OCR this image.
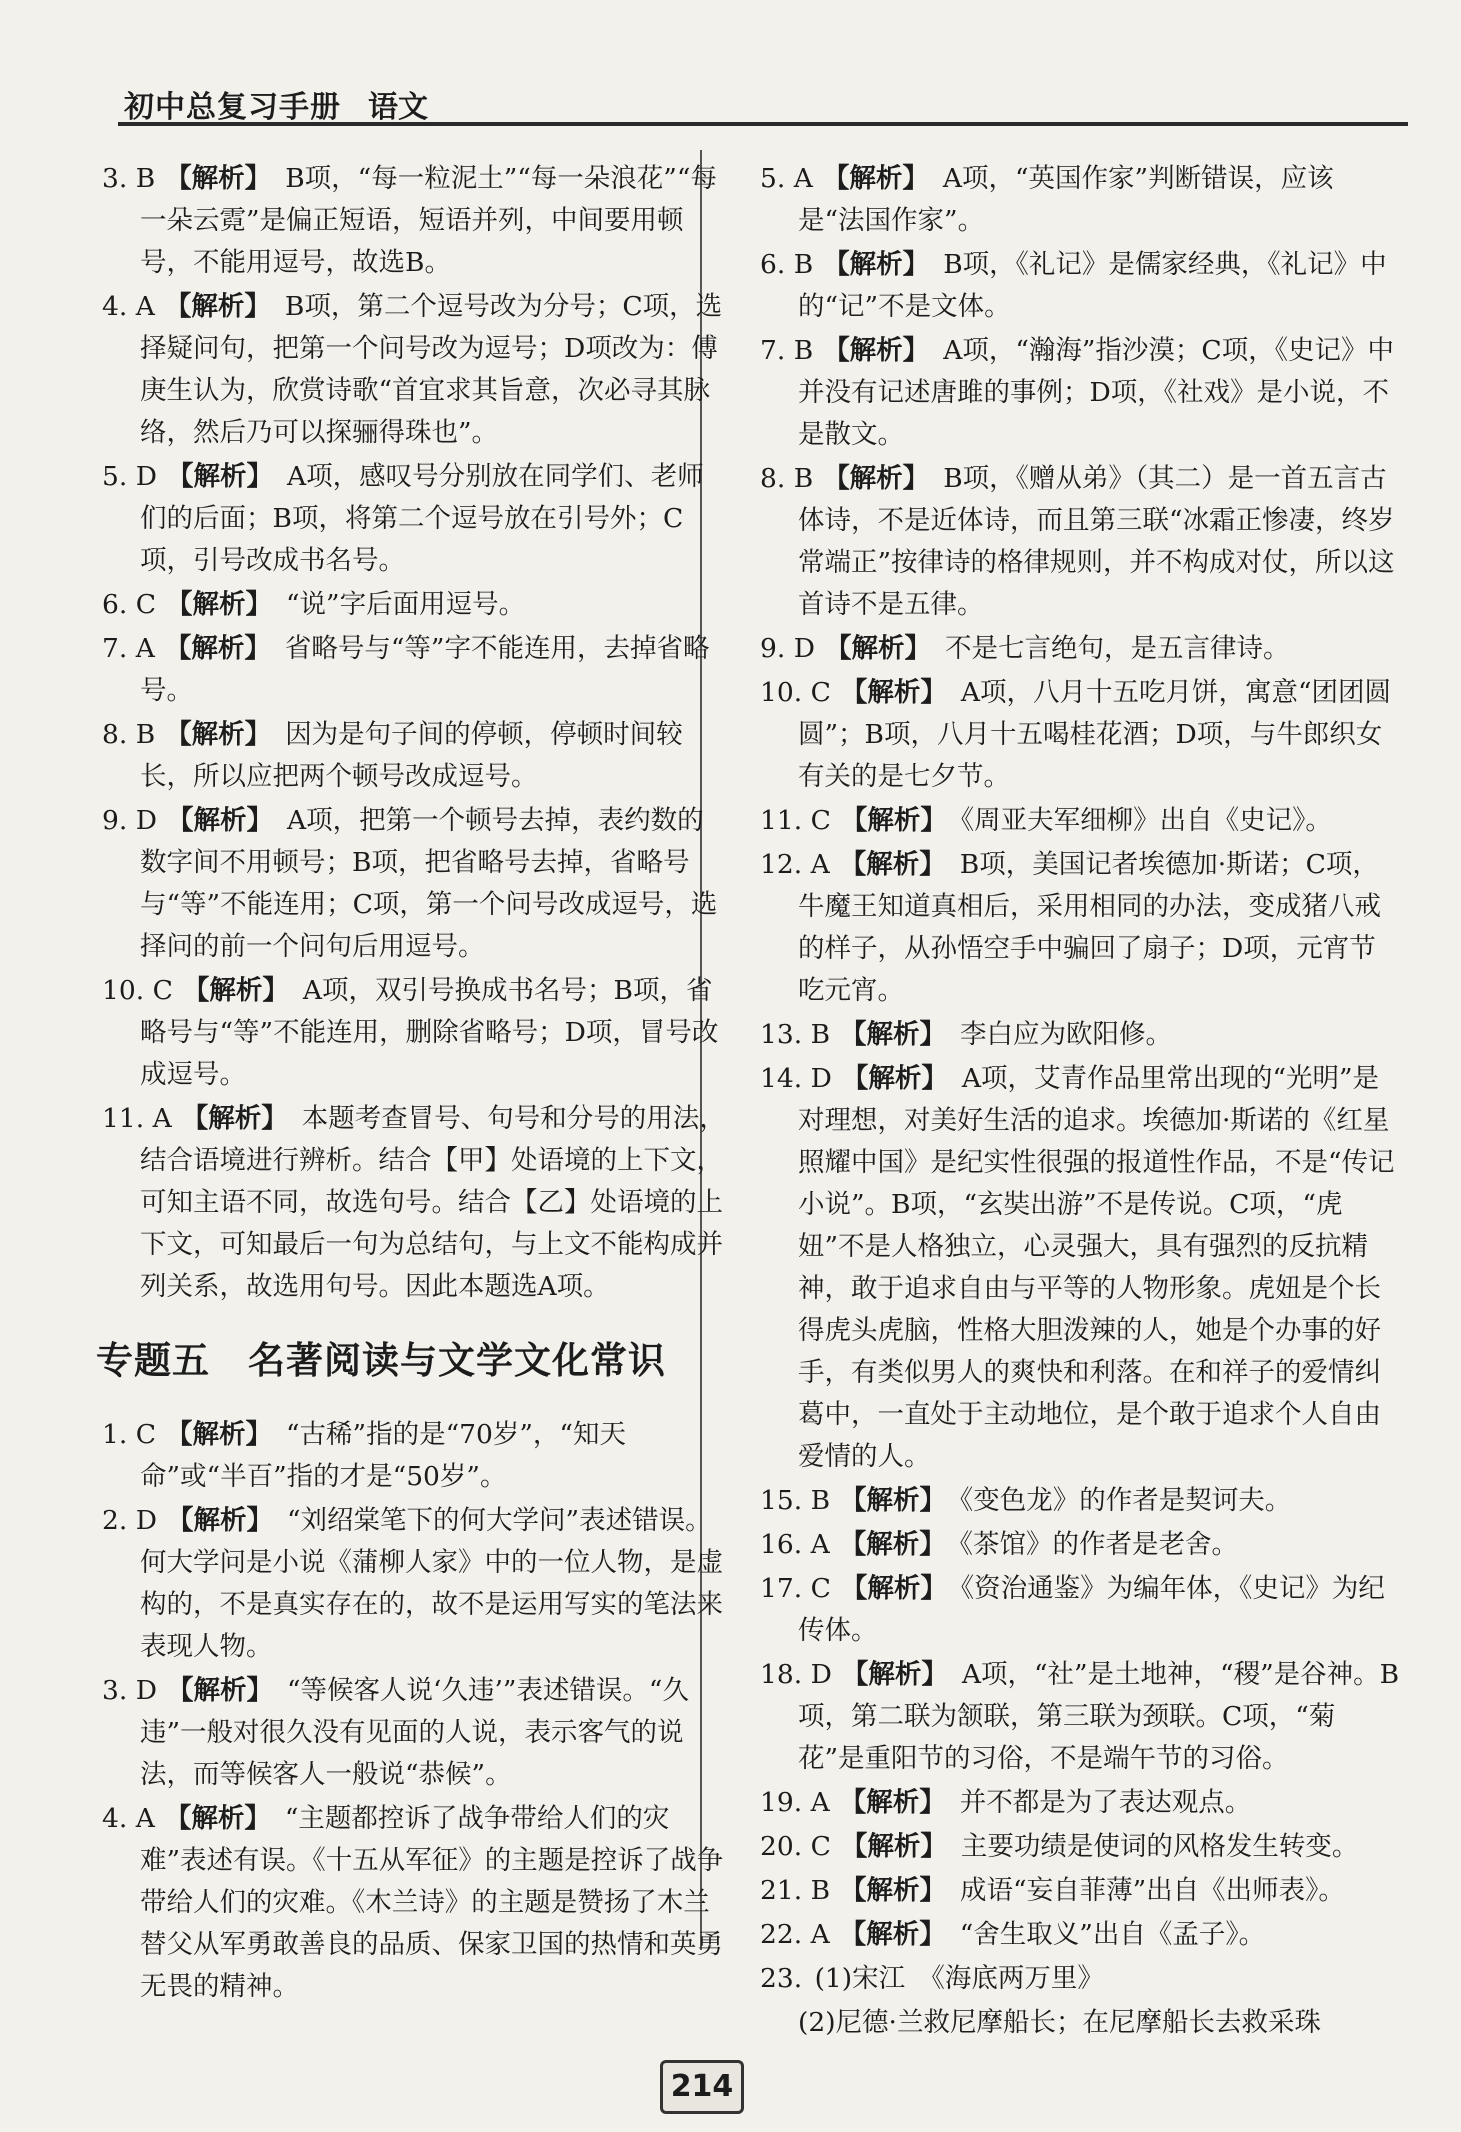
初中总复习手册 语文
3. B 【解析】 B项，“每一粒泥土”“每一朵浪花”“每一朵云霓”是偏正短语，短语并列，中间要用顿号，不能用逗号，故选B。
4. A 【解析】 B项，第二个逗号改为分号；C项，选择疑问句，把第一个问号改为逗号；D项改为：傅庚生认为，欣赏诗歌“首宜求其旨意，次必寻其脉络，然后乃可以探骊得珠也”。
5. D 【解析】 A项，感叹号分别放在同学们、老师们的后面；B项，将第二个逗号放在引号外；C项，引号改成书名号。
6. C 【解析】 “说”字后面用逗号。
7. A 【解析】 省略号与“等”字不能连用，去掉省略号。
8. B 【解析】 因为是句子间的停顿，停顿时间较长，所以应把两个顿号改成逗号。
9. D 【解析】 A项，把第一个顿号去掉，表约数的数字间不用顿号；B项，把省略号去掉，省略号与“等”不能连用；C项，第一个问号改成逗号，选择问的前一个问句后用逗号。
10. C 【解析】 A项，双引号换成书名号；B项，省略号与“等”不能连用，删除省略号；D项，冒号改成逗号。
11. A 【解析】 本题考查冒号、句号和分号的用法，结合语境进行辨析。结合【甲】处语境的上下文，可知主语不同，故选句号。结合【乙】处语境的上下文，可知最后一句为总结句，与上文不能构成并列关系，故选用句号。因此本题选A项。
专题五 名著阅读与文学文化常识
1. C 【解析】 “古稀”指的是“70岁”，“知天命”或“半百”指的才是“50岁”。
2. D 【解析】 “刘绍棠笔下的何大学问”表述错误。何大学问是小说《蒲柳人家》中的一位人物，是虚构的，不是真实存在的，故不是运用写实的笔法来表现人物。
3. D 【解析】 “等候客人说‘久违’”表述错误。“久违”一般对很久没有见面的人说，表示客气的说法，而等候客人一般说“恭候”。
4. A 【解析】 “主题都控诉了战争带给人们的灾难”表述有误。《十五从军征》的主题是控诉了战争带给人们的灾难。《木兰诗》的主题是赞扬了木兰替父从军勇敢善良的品质、保家卫国的热情和英勇无畏的精神。
5. A 【解析】 A项，“英国作家”判断错误，应该是“法国作家”。
6. B 【解析】 B项，《礼记》是儒家经典，《礼记》中的“记”不是文体。
7. B 【解析】 A项，“瀚海”指沙漠；C项，《史记》中并没有记述唐雎的事例；D项，《社戏》是小说，不是散文。
8. B 【解析】 B项，《赠从弟》（其二）是一首五言古体诗，不是近体诗，而且第三联“冰霜正惨凄，终岁常端正”按律诗的格律规则，并不构成对仗，所以这首诗不是五律。
9. D 【解析】 不是七言绝句，是五言律诗。
10. C 【解析】 A项，八月十五吃月饼，寓意“团团圆圆”；B项，八月十五喝桂花酒；D项，与牛郎织女有关的是七夕节。
11. C 【解析】 《周亚夫军细柳》出自《史记》。
12. A 【解析】 B项，美国记者埃德加·斯诺；C项，牛魔王知道真相后，采用相同的办法，变成猪八戒的样子，从孙悟空手中骗回了扇子；D项，元宵节吃元宵。
13. B 【解析】 李白应为欧阳修。
14. D 【解析】 A项，艾青作品里常出现的“光明”是对理想，对美好生活的追求。埃德加·斯诺的《红星照耀中国》是纪实性很强的报道性作品，不是“传记小说”。B项，“玄奘出游”不是传说。C项，“虎妞”不是人格独立，心灵强大，具有强烈的反抗精神，敢于追求自由与平等的人物形象。虎妞是个长得虎头虎脑，性格大胆泼辣的人，她是个办事的好手，有类似男人的爽快和利落。在和祥子的爱情纠葛中，一直处于主动地位，是个敢于追求个人自由爱情的人。
15. B 【解析】 《变色龙》的作者是契诃夫。
16. A 【解析】 《茶馆》的作者是老舍。
17. C 【解析】 《资治通鉴》为编年体，《史记》为纪传体。
18. D 【解析】 A项，“社”是土地神，“稷”是谷神。B项，第二联为颔联，第三联为颈联。C项，“菊花”是重阳节的习俗，不是端午节的习俗。
19. A 【解析】 并不都是为了表达观点。
20. C 【解析】 主要功绩是使词的风格发生转变。
21. B 【解析】 成语“妄自菲薄”出自《出师表》。
22. A 【解析】 “舍生取义”出自《孟子》。
23. (1)宋江　《海底两万里》
(2)尼德·兰救尼摩船长；在尼摩船长去救采珠
214
